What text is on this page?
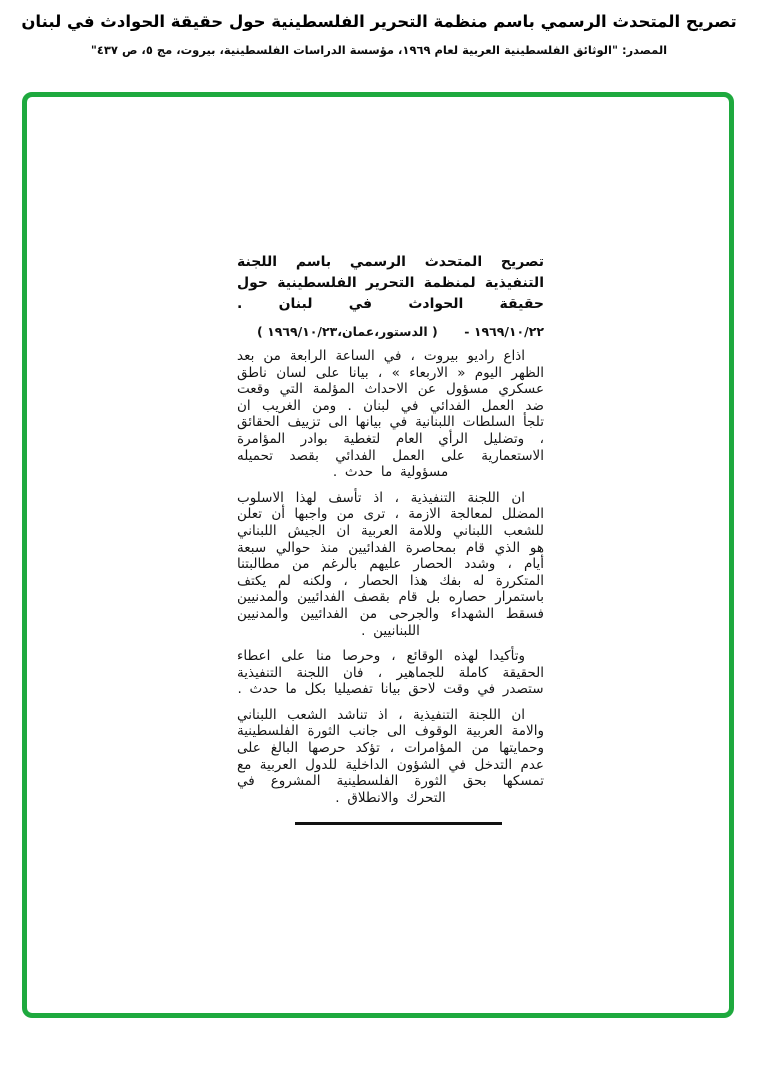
تصريح المتحدث الرسمي باسم منظمة التحرير الفلسطينية حول حقيقة الحوادث في لبنان
المصدر: "الوثائق الفلسطينية العربية لعام ١٩٦٩، مؤسسة الدراسات الفلسطينية، بيروت، مج ٥، ص ٤٣٧"
تصريح المتحدث الرسمي باسم اللجنة التنفيذية لمنظمة التحرير الفلسطينية حول حقيقة الحوادث في لبنان .
١٩٦٩/١٠/٢٢ -
( الدستور،عمان،١٩٦٩/١٠/٢٣ )

اذاع راديو بيروت ، في الساعة الرابعة من بعد الظهر اليوم « الاربعاء » ، بيانا على لسان ناطق عسكري مسؤول عن الاحداث المؤلمة التي وقعت ضد العمل الفدائي في لبنان . ومن الغريب ان تلجأ السلطات اللبنانية في بيانها الى تزييف الحقائق ، وتضليل الرأي العام لتغطية بوادر المؤامرة الاستعمارية على العمل الفدائي بقصد تحميله مسؤولية ما حدث .

ان اللجنة التنفيذية ، اذ تأسف لهذا الاسلوب المضلل لمعالجة الازمة ، ترى من واجبها أن تعلن للشعب اللبناني وللامة العربية ان الجيش اللبناني هو الذي قام بمحاصرة الفدائيين منذ حوالي سبعة أيام ، وشدد الحصار عليهم بالرغم من مطالبتنا المتكررة له بفك هذا الحصار ، ولكنه لم يكتف باستمرار حصاره بل قام بقصف الفدائيين والمدنيين فسقط الشهداء والجرحى من الفدائيين والمدنيين اللبنانيين .

وتأكيدا لهذه الوقائع ، وحرصا منا على اعطاء الحقيقة كاملة للجماهير ، فان اللجنة التنفيذية ستصدر في وقت لاحق بيانا تفصيليا بكل ما حدث .

ان اللجنة التنفيذية ، اذ تناشد الشعب اللبناني والامة العربية الوقوف الى جانب الثورة الفلسطينية وحمايتها من المؤامرات ، تؤكد حرصها البالغ على عدم التدخل في الشؤون الداخلية للدول العربية مع تمسكها بحق الثورة الفلسطينية المشروع في التحرك والانطلاق .
